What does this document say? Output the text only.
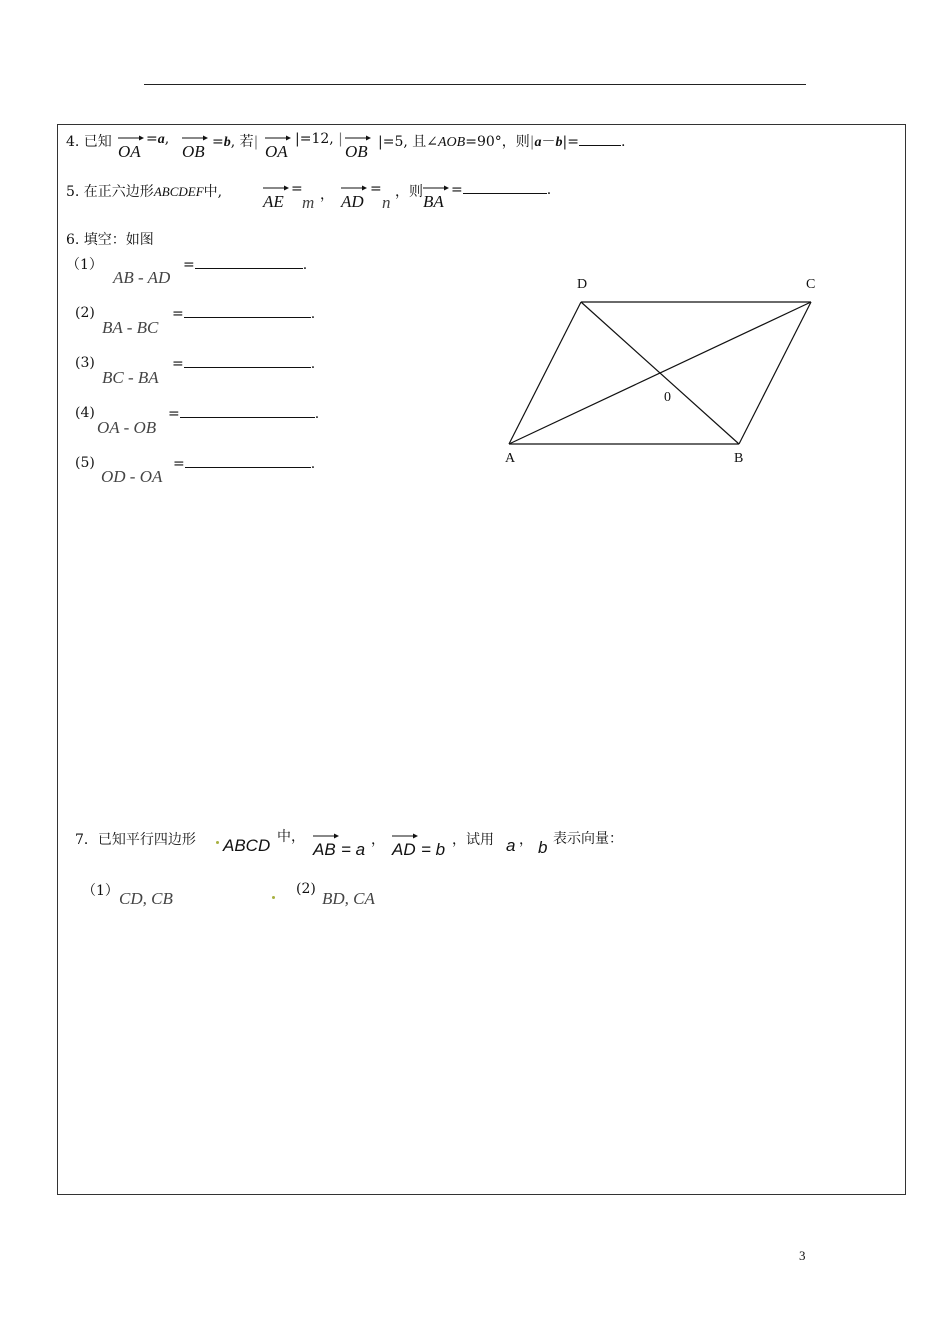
4. 已知 OA
=a,
OB =b, 若| OA
|=12, |
OB |=5, 且∠AOB=90°，则|a－b|=	.
5. 在正六边形ABCDEF中, AE
=
m ， AD
=
n
，则 BA
=	.
6. 填空：如图
（1）
AB - AD
=	.
(2)
BA - BC
=	.
(3)
BC - BA
=	.
(4)
OA - OB
=	.
(5)
OD - OA
=	.
D	C
A	B
0
7．已知平行四边形 ABCD 中，
AB = a ， AD = b ，试用 a ， b 表示向量：
（1） CD, CB	(2) BD, CA
3
